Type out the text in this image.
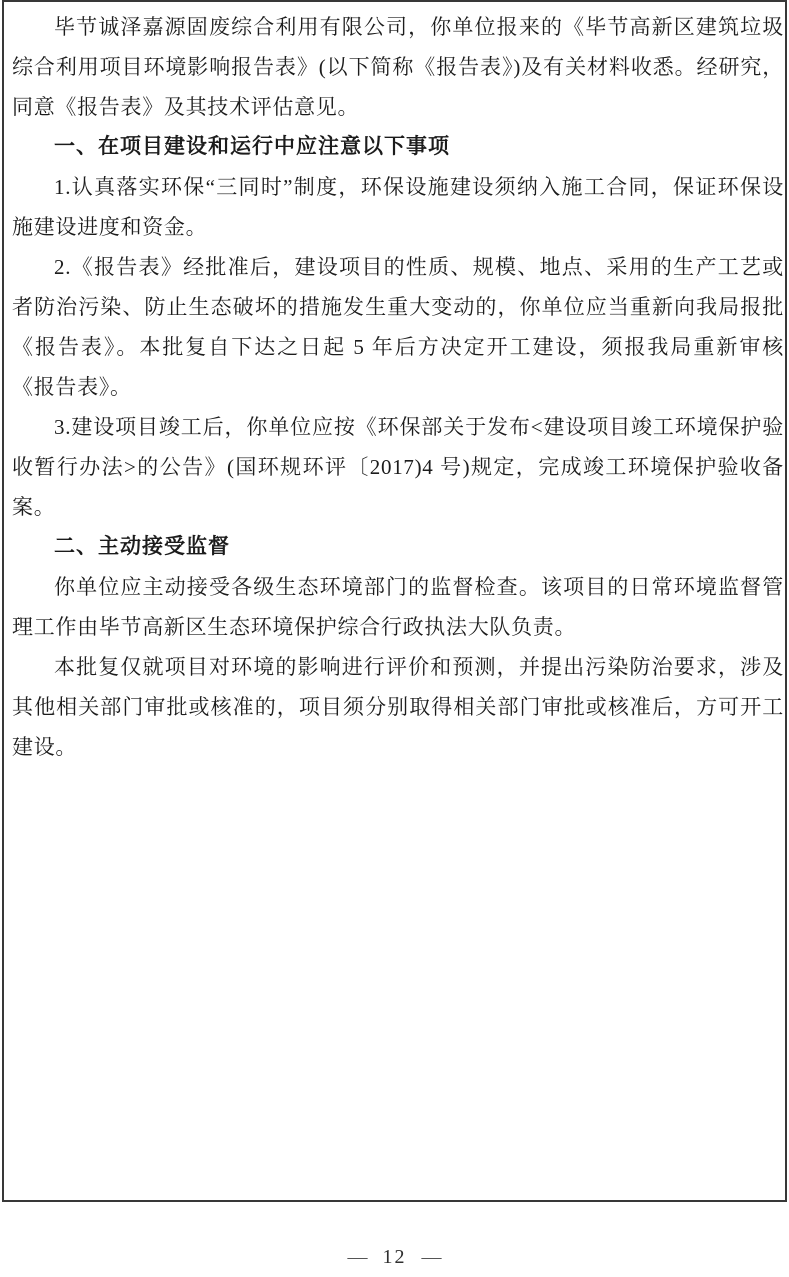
毕节诚泽嘉源固废综合利用有限公司，你单位报来的《毕节高新区建筑垃圾综合利用项目环境影响报告表》(以下简称《报告表》)及有关材料收悉。经研究，同意《报告表》及其技术评估意见。
一、在项目建设和运行中应注意以下事项
1.认真落实环保“三同时”制度，环保设施建设须纳入施工合同，保证环保设施建设进度和资金。
2.《报告表》经批准后，建设项目的性质、规模、地点、采用的生产工艺或者防治污染、防止生态破坏的措施发生重大变动的，你单位应当重新向我局报批《报告表》。本批复自下达之日起 5 年后方决定开工建设，须报我局重新审核《报告表》。
3.建设项目竣工后，你单位应按《环保部关于发布<建设项目竣工环境保护验收暂行办法>的公告》(国环规环评〔2017)4 号)规定，完成竣工环境保护验收备案。
二、主动接受监督
你单位应主动接受各级生态环境部门的监督检查。该项目的日常环境监督管理工作由毕节高新区生态环境保护综合行政执法大队负责。
本批复仅就项目对环境的影响进行评价和预测，并提出污染防治要求，涉及其他相关部门审批或核准的，项目须分别取得相关部门审批或核准后，方可开工建设。
— 12 —
